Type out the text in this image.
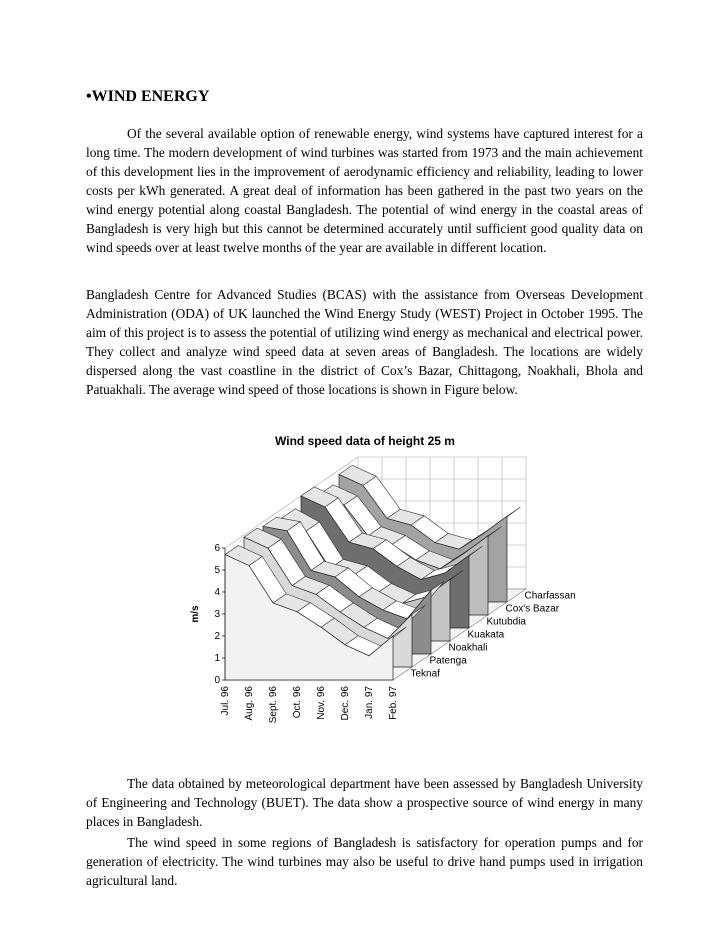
•WIND ENERGY

Of the several available option of renewable energy, wind systems have captured interest for a long time. The modern development of wind turbines was started from 1973 and the main achievement of this development lies in the improvement of aerodynamic efficiency and reliability, leading to lower costs per kWh generated. A great deal of information has been gathered in the past two years on the wind energy potential along coastal Bangladesh. The potential of wind energy in the coastal areas of Bangladesh is very high but this cannot be determined accurately until sufficient good quality data on wind speeds over at least twelve months of the year are available in different location.

Bangladesh Centre for Advanced Studies (BCAS) with the assistance from Overseas Development Administration (ODA) of UK launched the Wind Energy Study (WEST) Project in October 1995. The aim of this project is to assess the potential of utilizing wind energy as mechanical and electrical power. They collect and analyze wind speed data at seven areas of Bangladesh. The locations are widely dispersed along the vast coastline in the district of Cox’s Bazar, Chittagong, Noakhali, Bhola and Patuakhali. The average wind speed of those locations is shown in Figure below.

Wind speed data of height 25 m
Charfassan
Cox's Bazar
Kutubdia
Kuakata
Noakhali
Patenga
Teknaf
0
1
2
3
4
5
6
m/s
Jul. 96 Aug. 96 Sept. 96 Oct. 96 Nov. 96 Dec. 96 Jan. 97 Feb. 97

The data obtained by meteorological department have been assessed by Bangladesh University of Engineering and Technology (BUET). The data show a prospective source of wind energy in many places in Bangladesh.

The wind speed in some regions of Bangladesh is satisfactory for operation pumps and for generation of electricity. The wind turbines may also be useful to drive hand pumps used in irrigation agricultural land.
